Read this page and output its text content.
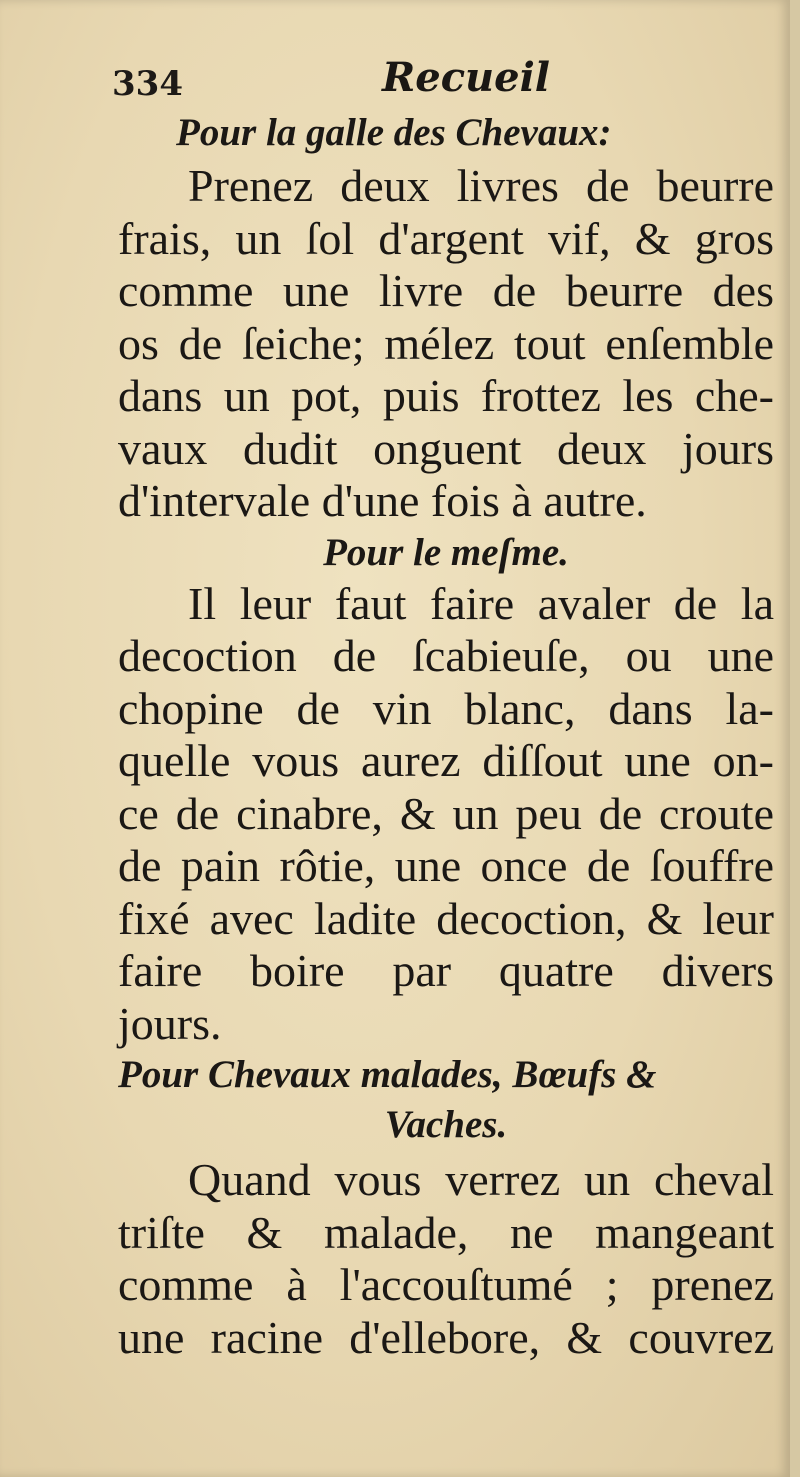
334	Recueil
Pour la galle des Chevaux:
Prenez deux livres de beurre
frais, un ſol d'argent vif, & gros
comme une livre de beurre des
os de ſeiche; mélez tout enſemble
dans un pot, puis frottez les che-
vaux dudit onguent deux jours
d'intervale d'une fois à autre.
Pour le meſme.
Il leur faut faire avaler de la
decoction de ſcabieuſe, ou une
chopine de vin blanc, dans la-
quelle vous aurez diſſout une on-
ce de cinabre, & un peu de croute
de pain rôtie, une once de ſouffre
fixé avec ladite decoction, & leur
faire boire par quatre divers
jours.
Pour Chevaux malades, Bœufs &
Vaches.
Quand vous verrez un cheval
triſte & malade, ne mangeant
comme à l'accouſtumé ; prenez
une racine d'ellebore, & couvrez
